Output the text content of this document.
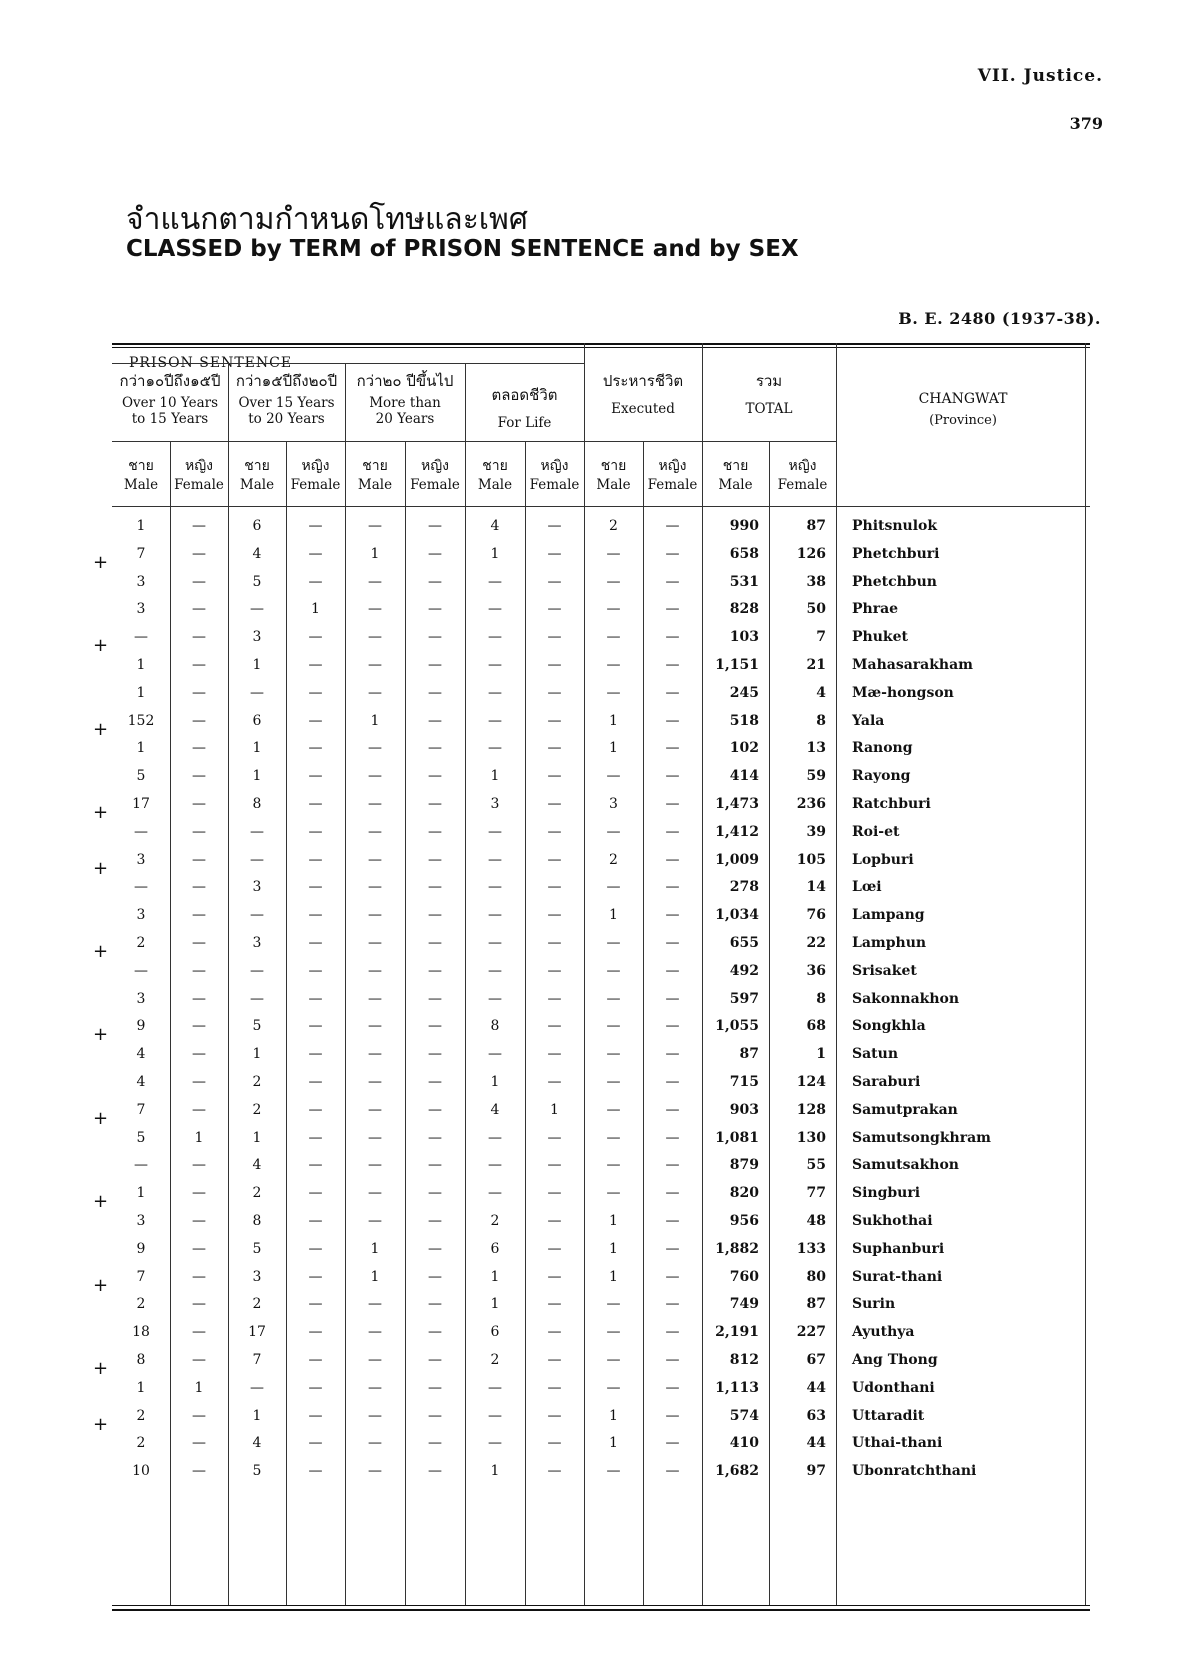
VII. Justice.
379
จำแนกตามกำหนดโทษและเพศ
CLASSED by TERM of PRISON SENTENCE and by SEX
B. E. 2480 (1937-38).
PRISON SENTENCE
CHANGWAT
(Province)
กว่า๑๐ปีถึง๑๕ปี
Over 10 Years
to 15 Years
กว่า๑๕ปีถึง๒๐ปี
Over 15 Years
to 20 Years
กว่า๒๐ ปีขึ้นไป
More than
20 Years
ตลอดชีวิต
For Life
ประหารชีวิต
Executed
รวม
TOTAL
ชาย
Male
หญิง
Female
ชาย
Male
หญิง
Female
ชาย
Male
หญิง
Female
ชาย
Male
หญิง
Female
ชาย
Male
หญิง
Female
ชาย
Male
หญิง
Female
1	—	6	—	—	—	4	—	2	—	990	87 Phitsnulok
7	—	4	—	1	—	1	—	—	—	658	126 Phetchburi
3	—	5	—	—	—	—	—	—	—	531	38 Phetchbun
3	—	—	1	—	—	—	—	—	—	828	50 Phrae
—	—	3	—	—	—	—	—	—	—	103	7 Phuket
1	—	1	—	—	—	—	—	—	—	1,151	21 Mahasarakham
1	—	—	—	—	—	—	—	—	—	245	4 Mæ-hongson
152	—	6	—	1	—	—	—	1	—	518	8 Yala
1	—	1	—	—	—	—	—	1	—	102	13 Ranong
5	—	1	—	—	—	1	—	—	—	414	59 Rayong
17	—	8	—	—	—	3	—	3	—	1,473	236 Ratchburi
—	—	—	—	—	—	—	—	—	—	1,412	39 Roi-et
3	—	—	—	—	—	—	—	2	—	1,009	105 Lopburi
—	—	3	—	—	—	—	—	—	—	278	14 Lœi
3	—	—	—	—	—	—	—	1	—	1,034	76 Lampang
2	—	3	—	—	—	—	—	—	—	655	22 Lamphun
—	—	—	—	—	—	—	—	—	—	492	36 Srisaket
3	—	—	—	—	—	—	—	—	—	597	8 Sakonnakhon
9	—	5	—	—	—	8	—	—	—	1,055	68 Songkhla
4	—	1	—	—	—	—	—	—	—	87	1 Satun
4	—	2	—	—	—	1	—	—	—	715	124 Saraburi
7	—	2	—	—	—	4	1	—	—	903	128 Samutprakan
5	1	1	—	—	—	—	—	—	—	1,081	130 Samutsongkhram
—	—	4	—	—	—	—	—	—	—	879	55 Samutsakhon
1	—	2	—	—	—	—	—	—	—	820	77 Singburi
3	—	8	—	—	—	2	—	1	—	956	48 Sukhothai
9	—	5	—	1	—	6	—	1	—	1,882	133 Suphanburi
7	—	3	—	1	—	1	—	1	—	760	80 Surat-thani
2	—	2	—	—	—	1	—	—	—	749	87 Surin
18	—	17	—	—	—	6	—	—	—	2,191	227 Ayuthya
8	—	7	—	—	—	2	—	—	—	812	67 Ang Thong
1	1	—	—	—	—	—	—	—	—	1,113	44 Udonthani
2	—	1	—	—	—	—	—	1	—	574	63 Uttaradit
2	—	4	—	—	—	—	—	1	—	410	44 Uthai-thani
10	—	5	—	—	—	1	—	—	—	1,682	97 Ubonratchthani
+
+
+
+
+
+
+
+
+
+
+
+
